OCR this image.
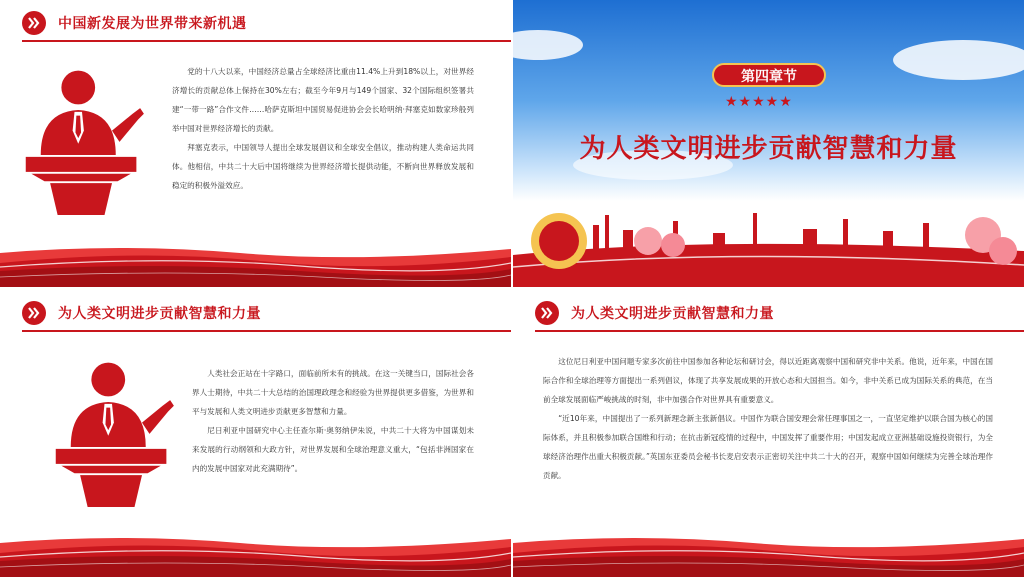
中国新发展为世界带来新机遇

党的十八大以来，中国经济总量占全球经济比重由11.4%上升到18%以上，对世界经济增长的贡献总体上保持在30%左右；截至今年9月与149个国家、32个国际组织签署共建“一带一路”合作文件……哈萨克斯坦中国贸易促进协会会长哈明纳·拜塞克如数家珍般列举中国对世界经济增长的贡献。

拜塞克表示，中国领导人提出全球发展倡议和全球安全倡议，推动构建人类命运共同体。他相信，中共二十大后中国将继续为世界经济增长提供动能，不断向世界释放发展和稳定的积极外溢效应。

第四章节
★★★★★
为人类文明进步贡献智慧和力量
为人类文明进步贡献智慧和力量

人类社会正站在十字路口，面临前所未有的挑战。在这一关键当口，国际社会各界人士期待，中共二十大总结的治国理政理念和经验为世界提供更多借鉴，为世界和平与发展和人类文明进步贡献更多智慧和力量。

尼日利亚中国研究中心主任查尔斯·奥努纳伊朱说，中共二十大将为中国谋划未来发展的行动纲领和大政方针，对世界发展和全球治理意义重大，“包括非洲国家在内的发展中国家对此充满期待”。

为人类文明进步贡献智慧和力量

这位尼日利亚中国问题专家多次前往中国参加各种论坛和研讨会，得以近距离观察中国和研究非中关系。他说，近年来，中国在国际合作和全球治理等方面提出一系列倡议，体现了共享发展成果的开放心态和大国担当。如今，非中关系已成为国际关系的典范，在当前全球发展面临严峻挑战的时刻，非中加强合作对世界具有重要意义。

“近10年来，中国提出了一系列新理念新主张新倡议。中国作为联合国安理会常任理事国之一，一直坚定维护以联合国为核心的国际体系，并且积极参加联合国维和行动；在抗击新冠疫情的过程中，中国发挥了重要作用；中国发起成立亚洲基础设施投资银行，为全球经济治理作出重大积极贡献。”英国东亚委员会秘书长麦启安表示正密切关注中共二十大的召开，观察中国如何继续为完善全球治理作贡献。
